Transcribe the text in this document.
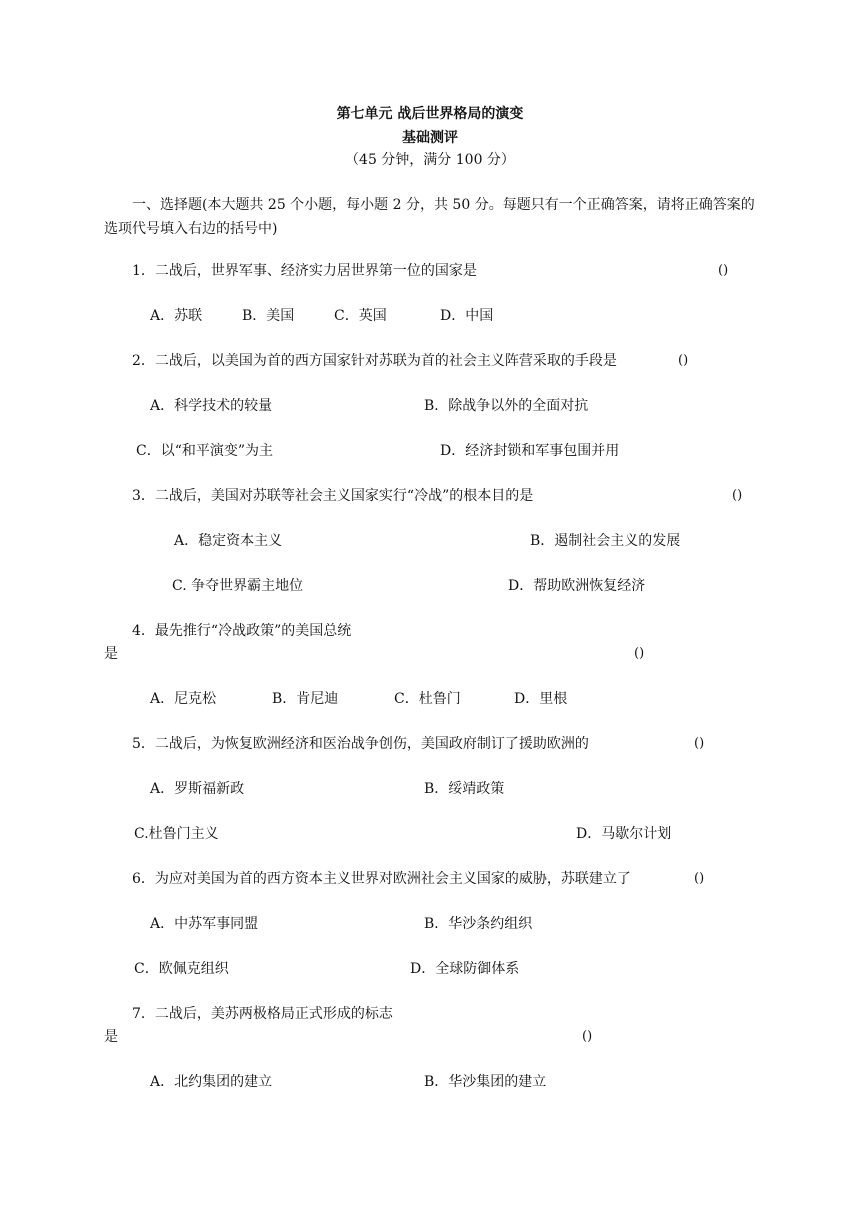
第七单元 战后世界格局的演变
基础测评
（45 分钟，满分 100 分）
一、选择题(本大题共 25 个小题，每小题 2 分，共 50 分。每题只有一个正确答案，请将正确答案的选项代号填入右边的括号中)
1．二战后，世界军事、经济实力居世界第一位的国家是	()
A．苏联	B．美国	C．英国	D．中国
2．二战后，以美国为首的西方国家针对苏联为首的社会主义阵营采取的手段是	()
A．科学技术的较量	B．除战争以外的全面对抗
C．以“和平演变”为主	D．经济封锁和军事包围并用
3．二战后，美国对苏联等社会主义国家实行“冷战”的根本目的是	()
A．稳定资本主义	B．遏制社会主义的发展
C. 争夺世界霸主地位	D．帮助欧洲恢复经济
4．最先推行“冷战政策”的美国总统
是	()
A．尼克松	B．肯尼迪	C．杜鲁门	D．里根
5．二战后，为恢复欧洲经济和医治战争创伤，美国政府制订了援助欧洲的	()
A．罗斯福新政	B．绥靖政策
C.杜鲁门主义	D．马歇尔计划
6．为应对美国为首的西方资本主义世界对欧洲社会主义国家的威胁，苏联建立了	()
A．中苏军事同盟	B．华沙条约组织
C．欧佩克组织	D．全球防御体系
7．二战后，美苏两极格局正式形成的标志
是	()
A．北约集团的建立	B．华沙集团的建立
